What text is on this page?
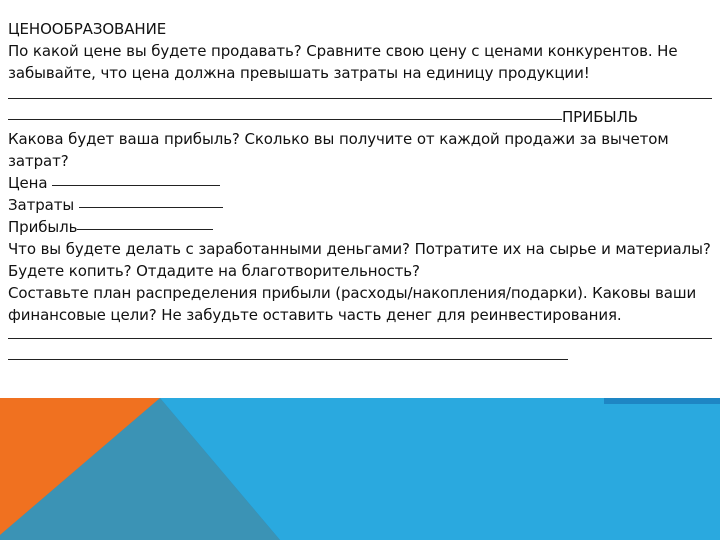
ЦЕНООБРАЗОВАНИЕ
По какой цене вы будете продавать? Сравните свою цену с ценами конкурентов. Не
забывайте, что цена должна превышать затраты на единицу продукции!
ПРИБЫЛЬ
Какова будет ваша прибыль? Сколько вы получите от каждой продажи за вычетом
затрат?
Цена
Затраты
Прибыль
Что вы будете делать с заработанными деньгами? Потратите их на сырье и материалы?
Будете копить? Отдадите на благотворительность?
Составьте план распределения прибыли (расходы/накопления/подарки). Каковы ваши
финансовые цели? Не забудьте оставить часть денег для реинвестирования.
